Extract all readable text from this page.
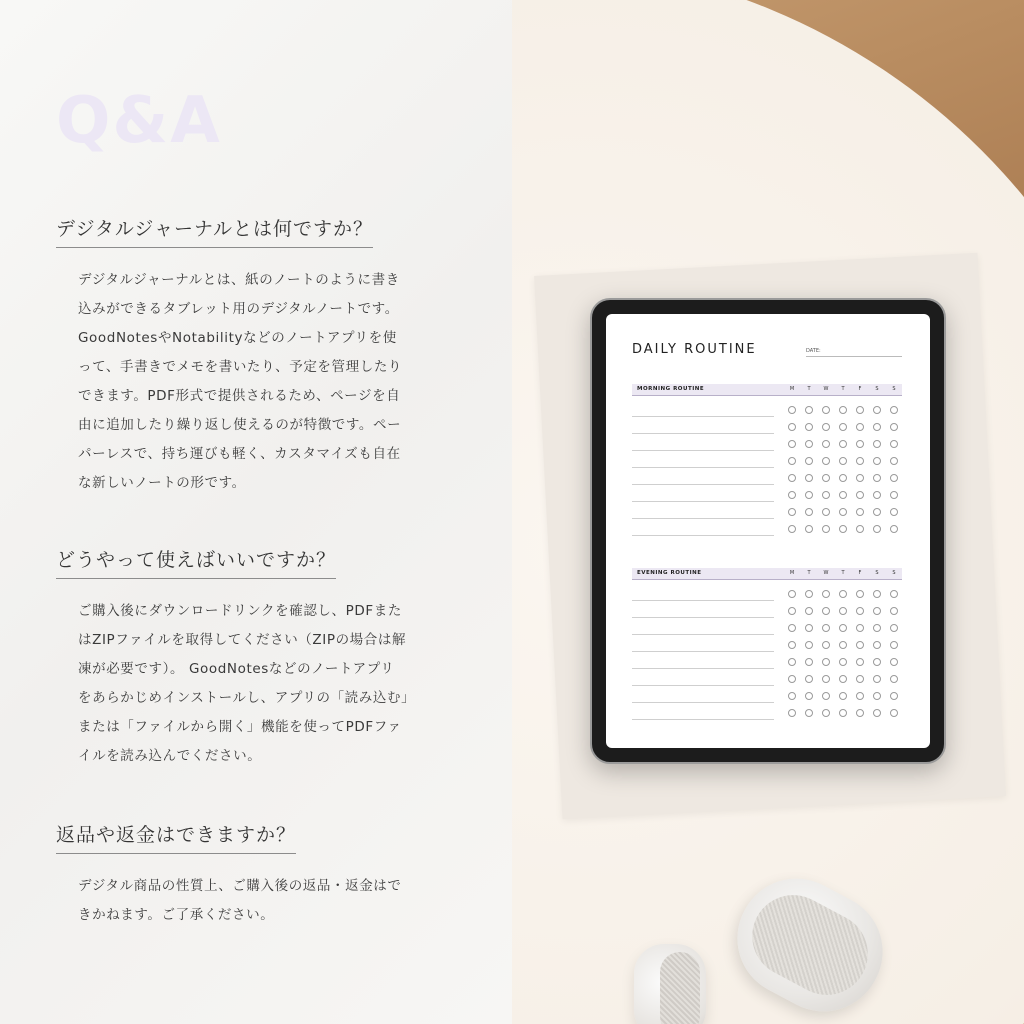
Q&A
デジタルジャーナルとは何ですか？
デジタルジャーナルとは、紙のノートのように書き
込みができるタブレット用のデジタルノートです。
GoodNotesやNotabilityなどのノートアプリを使
って、手書きでメモを書いたり、予定を管理したり
できます。PDF形式で提供されるため、ページを自
由に追加したり繰り返し使えるのが特徴です。ペー
パーレスで、持ち運びも軽く、カスタマイズも自在
な新しいノートの形です。
どうやって使えばいいですか？
ご購入後にダウンロードリンクを確認し、PDFまた
はZIPファイルを取得してください（ZIPの場合は解
凍が必要です）。 GoodNotesなどのノートアプリ
をあらかじめインストールし、アプリの「読み込む」
または「ファイルから開く」機能を使ってPDFファ
イルを読み込んでください。
返品や返金はできますか？
デジタル商品の性質上、ご購入後の返品・返金はで
きかねます。ご了承ください。
DAILY ROUTINE	DATE:
MORNING ROUTINE	M	T	W	T	F	S	S
EVENING ROUTINE	M	T	W	T	F	S	S
